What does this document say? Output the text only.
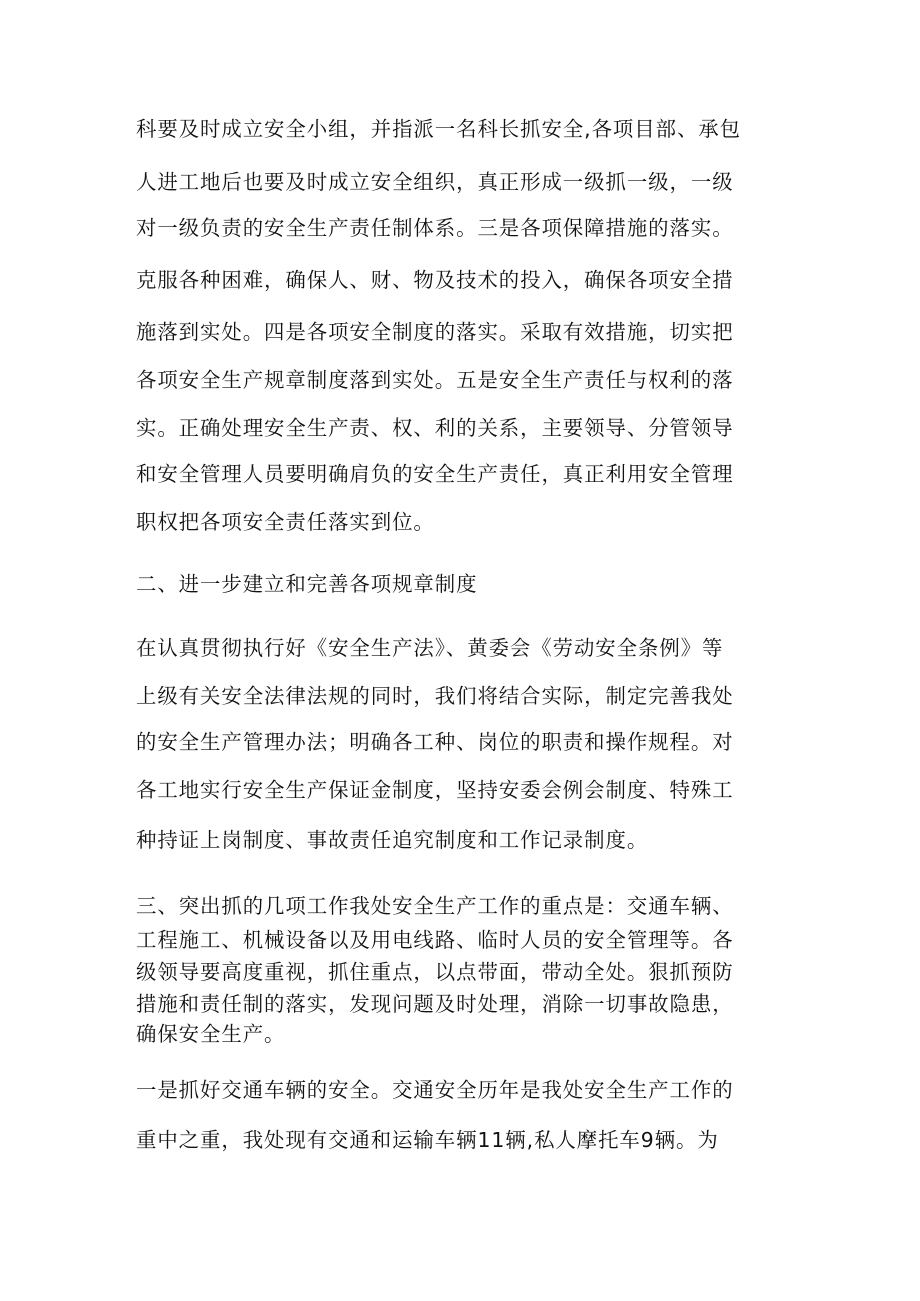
科要及时成立安全小组，并指派一名科长抓安全,各项目部、承包
人进工地后也要及时成立安全组织，真正形成一级抓一级，一级
对一级负责的安全生产责任制体系。三是各项保障措施的落实。
克服各种困难，确保人、财、物及技术的投入，确保各项安全措
施落到实处。四是各项安全制度的落实。采取有效措施，切实把
各项安全生产规章制度落到实处。五是安全生产责任与权利的落
实。正确处理安全生产责、权、利的关系，主要领导、分管领导
和安全管理人员要明确肩负的安全生产责任，真正利用安全管理
职权把各项安全责任落实到位。
二、进一步建立和完善各项规章制度
在认真贯彻执行好《安全生产法》、黄委会《劳动安全条例》等
上级有关安全法律法规的同时，我们将结合实际，制定完善我处
的安全生产管理办法；明确各工种、岗位的职责和操作规程。对
各工地实行安全生产保证金制度，坚持安委会例会制度、特殊工
种持证上岗制度、事故责任追究制度和工作记录制度。
三、突出抓的几项工作我处安全生产工作的重点是：交通车辆、
工程施工、机械设备以及用电线路、临时人员的安全管理等。各
级领导要高度重视，抓住重点，以点带面，带动全处。狠抓预防
措施和责任制的落实，发现问题及时处理，消除一切事故隐患，
确保安全生产。
一是抓好交通车辆的安全。交通安全历年是我处安全生产工作的
重中之重，我处现有交通和运输车辆11辆,私人摩托车9辆。为
